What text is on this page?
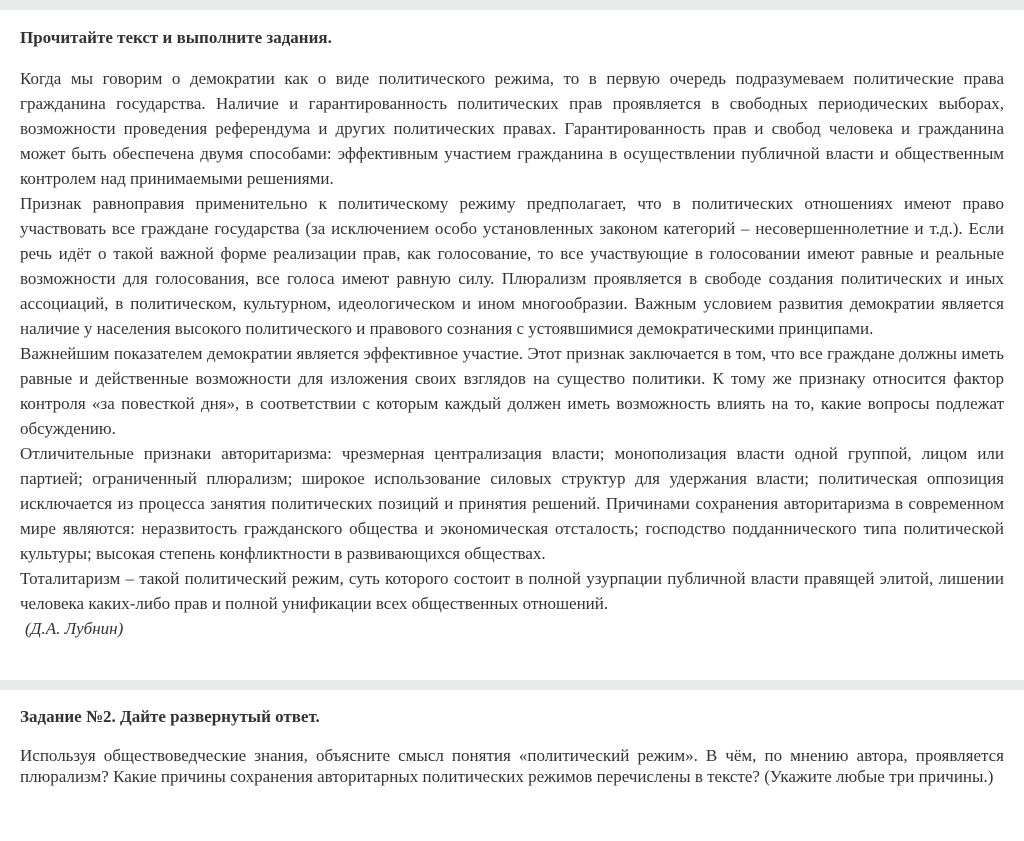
Прочитайте текст и выполните задания.

Когда мы говорим о демократии как о виде политического режима, то в первую очередь подразумеваем политические права гражданина государства. Наличие и гарантированность политических прав проявляется в свободных периодических выборах, возможности проведения референдума и других политических правах. Гарантированность прав и свобод человека и гражданина может быть обеспечена двумя способами: эффективным участием гражданина в осуществлении публичной власти и общественным контролем над принимаемыми решениями.

Признак равноправия применительно к политическому режиму предполагает, что в политических отношениях имеют право участвовать все граждане государства (за исключением особо установленных законом категорий – несовершеннолетние и т.д.). Если речь идёт о такой важной форме реализации прав, как голосование, то все участвующие в голосовании имеют равные и реальные возможности для голосования, все голоса имеют равную силу. Плюрализм проявляется в свободе создания политических и иных ассоциаций, в политическом, культурном, идеологическом и ином многообразии. Важным условием развития демократии является наличие у населения высокого политического и правового сознания с устоявшимися демократическими принципами.

Важнейшим показателем демократии является эффективное участие. Этот признак заключается в том, что все граждане должны иметь равные и действенные возможности для изложения своих взглядов на существо политики. К тому же признаку относится фактор контроля «за повесткой дня», в соответствии с которым каждый должен иметь возможность влиять на то, какие вопросы подлежат обсуждению.

Отличительные признаки авторитаризма: чрезмерная централизация власти; монополизация власти одной группой, лицом или партией; ограниченный плюрализм; широкое использование силовых структур для удержания власти; политическая оппозиция исключается из процесса занятия политических позиций и принятия решений. Причинами сохранения авторитаризма в современном мире являются: неразвитость гражданского общества и экономическая отсталость; господство подданнического типа политической культуры; высокая степень конфликтности в развивающихся обществах.

Тоталитаризм – такой политический режим, суть которого состоит в полной узурпации публичной власти правящей элитой, лишении человека каких-либо прав и полной унификации всех общественных отношений.

(Д.А. Лубнин)

Задание №2. Дайте развернутый ответ.

Используя обществоведческие знания, объясните смысл понятия «политический режим». В чём, по мнению автора, проявляется плюрализм? Какие причины сохранения авторитарных политических режимов перечислены в тексте? (Укажите любые три причины.)
